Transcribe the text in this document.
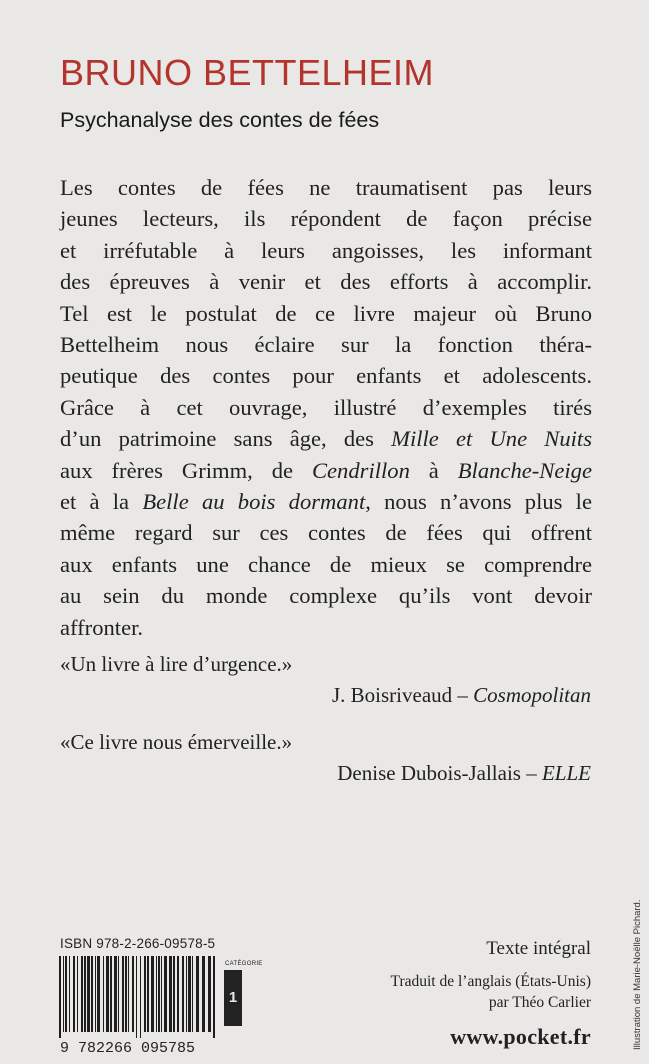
BRUNO BETTELHEIM
Psychanalyse des contes de fées
Les contes de fées ne traumatisent pas leurs
jeunes lecteurs, ils répondent de façon précise
et irréfutable à leurs angoisses, les informant
des épreuves à venir et des efforts à accomplir.
Tel est le postulat de ce livre majeur où Bruno
Bettelheim nous éclaire sur la fonction théra-
peutique des contes pour enfants et adolescents.
Grâce à cet ouvrage, illustré d’exemples tirés
d’un patrimoine sans âge, des Mille et Une Nuits
aux frères Grimm, de Cendrillon à Blanche-Neige
et à la Belle au bois dormant, nous n’avons plus le
même regard sur ces contes de fées qui offrent
aux enfants une chance de mieux se comprendre
au sein du monde complexe qu’ils vont devoir
affronter.
«Un livre à lire d’urgence.»
J. Boisriveaud – Cosmopolitan
«Ce livre nous émerveille.»
Denise Dubois-Jallais – ELLE
ISBN 978-2-266-09578-5
9 782266 095785
CATÉGORIE
1
Texte intégral
Traduit de l’anglais (États-Unis)
par Théo Carlier
www.pocket.fr	Illustration de Marie-Noëlle Pichard.
